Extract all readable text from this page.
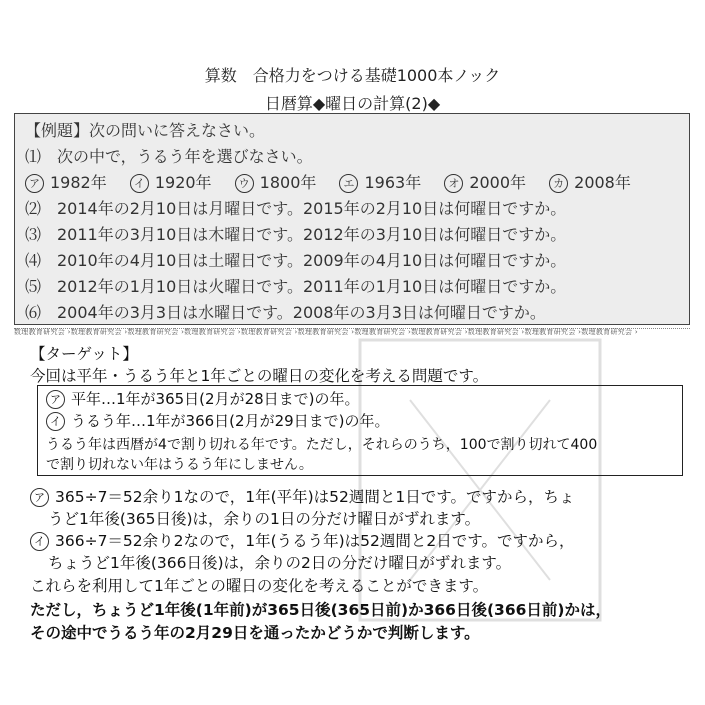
算数　合格力をつける基礎1000本ノック
日暦算◆曜日の計算(2)◆
【例題】次の問いに答えなさい。
⑴　次の中で，うるう年を選びなさい。
ア 1982年 イ 1920年 ウ 1800年 エ 1963年 オ 2000年 カ 2008年
⑵　2014年の2月10日は月曜日です。2015年の2月10日は何曜日ですか。
⑶　2011年の3月10日は木曜日です。2012年の3月10日は何曜日ですか。
⑷　2010年の4月10日は土曜日です。2009年の4月10日は何曜日ですか。
⑸　2012年の1月10日は火曜日です。2011年の1月10日は何曜日ですか。
⑹　2004年の3月3日は水曜日です。2008年の3月3日は何曜日ですか。
数理教育研究会 ›数理教育研究会 ›数理教育研究会 ›数理教育研究会 ›数理教育研究会 ›数理教育研究会 ›数理教育研究会 ›数理教育研究会 ›数理教育研究会 ›数理教育研究会 ›数理教育研究会 ›
【ターゲット】
今回は平年・うるう年と1年ごとの曜日の変化を考える問題です。
ア 平年…1年が365日(2月が28日まで)の年。
イ うるう年…1年が366日(2月が29日まで)の年。
うるう年は西暦が4で割り切れる年です。ただし，それらのうち，100で割り切れて400
で割り切れない年はうるう年にしません。
ア 365÷7＝52余り1なので，1年(平年)は52週間と1日です。ですから，ちょ
うど1年後(365日後)は，余りの1日の分だけ曜日がずれます。
イ 366÷7＝52余り2なので，1年(うるう年)は52週間と2日です。ですから，
ちょうど1年後(366日後)は，余りの2日の分だけ曜日がずれます。
これらを利用して1年ごとの曜日の変化を考えることができます。
ただし，ちょうど1年後(1年前)が365日後(365日前)か366日後(366日前)かは，
その途中でうるう年の2月29日を通ったかどうかで判断します。
